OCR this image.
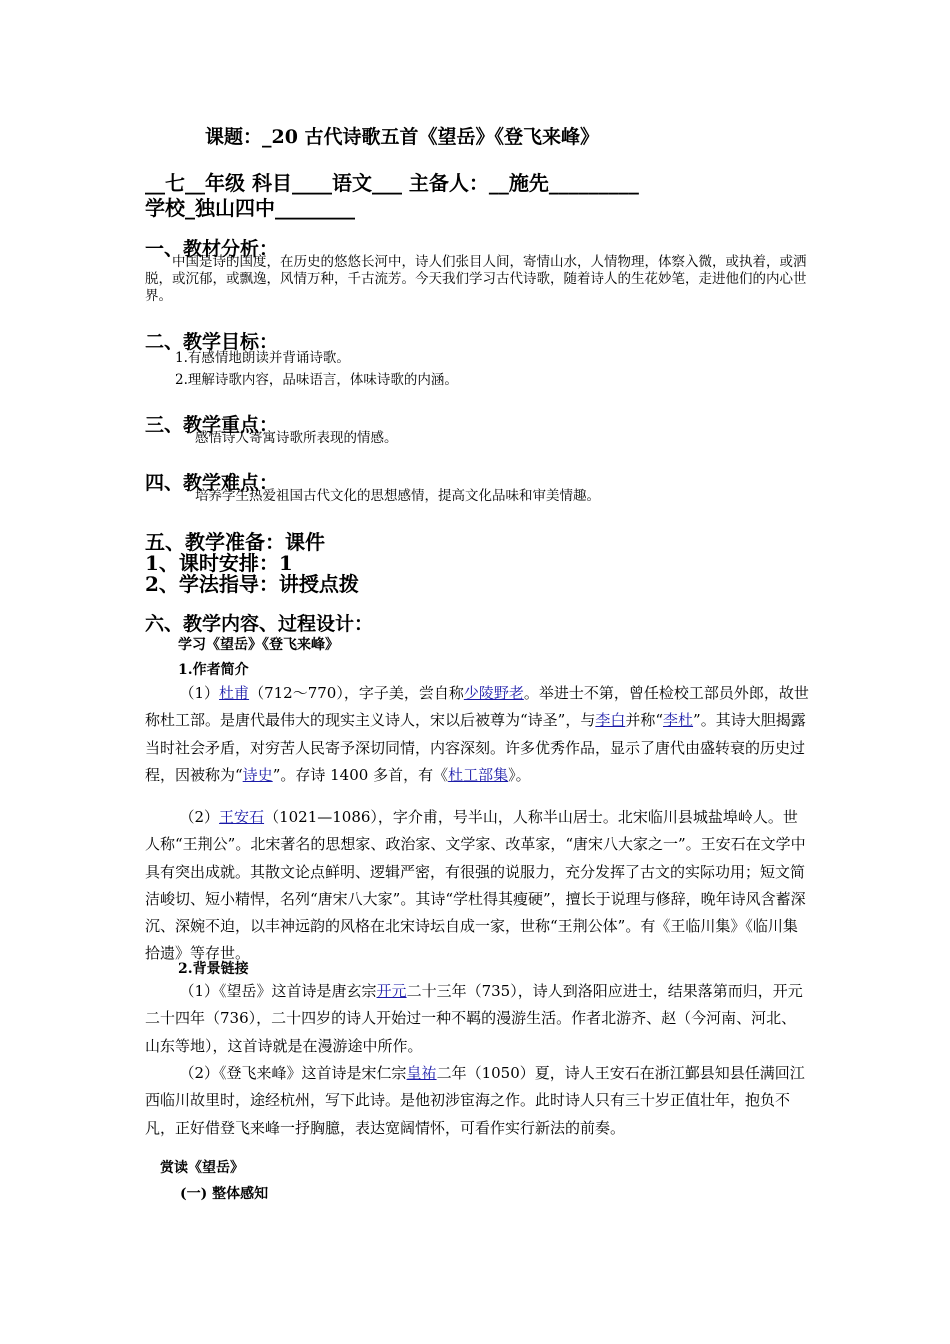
课题：_20 古代诗歌五首《望岳》《登飞来峰》
__七__年级 科目____语文___ 主备人：__施先_________
学校_独山四中________
一、教材分析：
中国是诗的国度，在历史的悠悠长河中，诗人们张目人间，寄情山水，人情物理，体察入微，或执着，或洒脱，或沉郁，或飘逸，风情万种，千古流芳。今天我们学习古代诗歌，随着诗人的生花妙笔，走进他们的内心世界。
二、教学目标：
1.有感情地朗读并背诵诗歌。
2.理解诗歌内容，品味语言，体味诗歌的内涵。
三、教学重点：
感悟诗人寄寓诗歌所表现的情感。
四、教学难点：
培养学生热爱祖国古代文化的思想感情，提高文化品味和审美情趣。
五、教学准备：课件
1、课时安排：1
2、学法指导：讲授点拨
六、教学内容、过程设计：
学习《望岳》《登飞来峰》
1.作者简介
（1）杜甫（712～770），字子美，尝自称少陵野老。举进士不第，曾任检校工部员外郎，故世称杜工部。是唐代最伟大的现实主义诗人，宋以后被尊为“诗圣”，与李白并称“李杜”。其诗大胆揭露当时社会矛盾，对穷苦人民寄予深切同情，内容深刻。许多优秀作品，显示了唐代由盛转衰的历史过程，因被称为“诗史”。存诗 1400 多首，有《杜工部集》。
（2）王安石（1021—1086），字介甫，号半山，人称半山居士。北宋临川县城盐埠岭人。世人称“王荆公”。北宋著名的思想家、政治家、文学家、改革家，“唐宋八大家之一”。王安石在文学中具有突出成就。其散文论点鲜明、逻辑严密，有很强的说服力，充分发挥了古文的实际功用；短文简洁峻切、短小精悍，名列“唐宋八大家”。其诗“学杜得其瘦硬”，擅长于说理与修辞，晚年诗风含蓄深沉、深婉不迫，以丰神远韵的风格在北宋诗坛自成一家，世称“王荆公体”。有《王临川集》《临川集拾遗》等存世。
2.背景链接
（1）《望岳》这首诗是唐玄宗开元二十三年（735），诗人到洛阳应进士，结果落第而归，开元二十四年（736），二十四岁的诗人开始过一种不羁的漫游生活。作者北游齐、赵（今河南、河北、山东等地），这首诗就是在漫游途中所作。
（2）《登飞来峰》这首诗是宋仁宗皇祐二年（1050）夏，诗人王安石在浙江鄞县知县任满回江西临川故里时，途经杭州，写下此诗。是他初涉宦海之作。此时诗人只有三十岁正值壮年，抱负不凡，正好借登飞来峰一抒胸臆，表达宽阔情怀，可看作实行新法的前奏。
赏读《望岳》
(一) 整体感知
